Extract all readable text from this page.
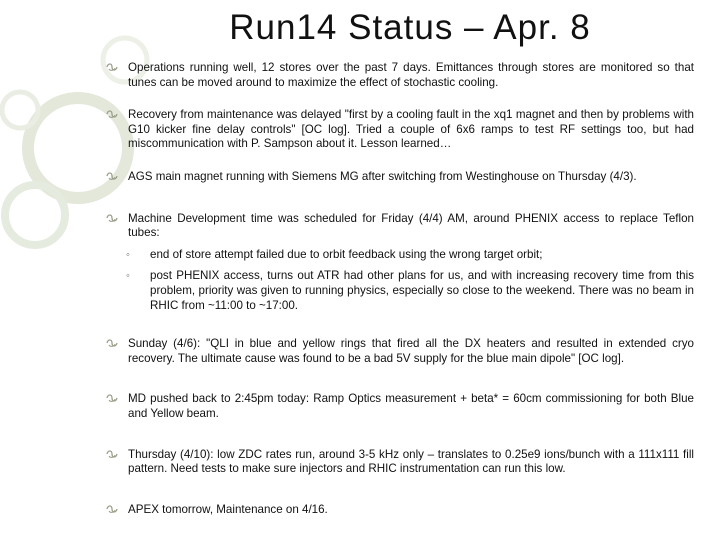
Run14 Status – Apr. 8
Operations running well, 12 stores over the past 7 days. Emittances through stores are monitored so that tunes can be moved around to maximize the effect of stochastic cooling.
Recovery from maintenance was delayed "first by a cooling fault in the xq1 magnet and then by problems with G10 kicker fine delay controls" [OC log]. Tried a couple of 6x6 ramps to test RF settings too, but had miscommunication with P. Sampson about it. Lesson learned…
AGS main magnet running with Siemens MG after switching from Westinghouse on Thursday (4/3).
Machine Development time was scheduled for Friday (4/4) AM, around PHENIX access to replace Teflon tubes:
◦ end of store attempt failed due to orbit feedback using the wrong target orbit;
◦ post PHENIX access, turns out ATR had other plans for us, and with increasing recovery time from this problem, priority was given to running physics, especially so close to the weekend. There was no beam in RHIC from ~11:00 to ~17:00.
Sunday (4/6): "QLI in blue and yellow rings that fired all the DX heaters and resulted in extended cryo recovery. The ultimate cause was found to be a bad 5V supply for the blue main dipole" [OC log].
MD pushed back to 2:45pm today: Ramp Optics measurement + beta* = 60cm commissioning for both Blue and Yellow beam.
Thursday (4/10): low ZDC rates run, around 3-5 kHz only – translates to 0.25e9 ions/bunch with a 111x111 fill pattern. Need tests to make sure injectors and RHIC instrumentation can run this low.
APEX tomorrow, Maintenance on 4/16.
